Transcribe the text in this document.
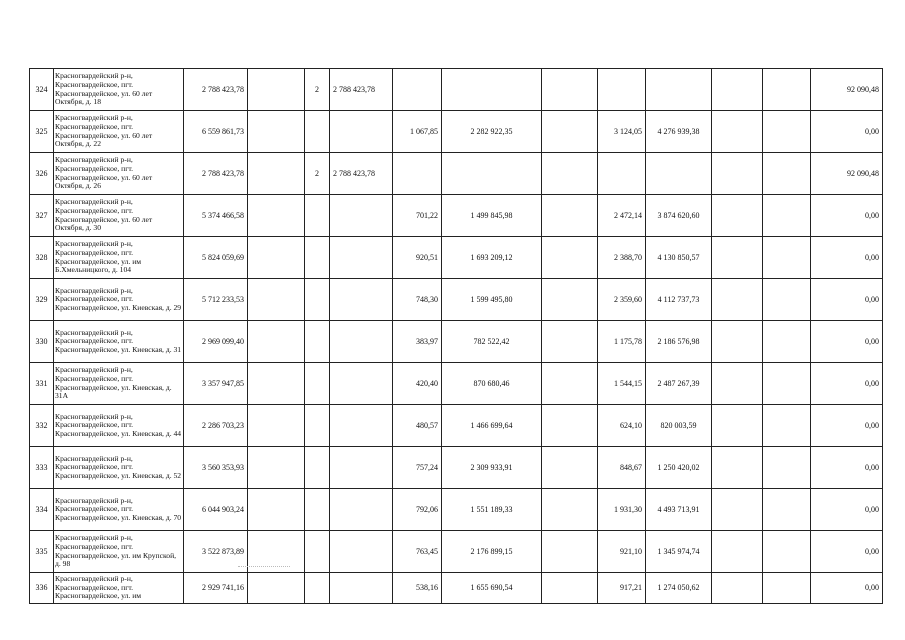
324	Красногвардейский р-н, Красногвардейское, пгт. Красногвардейское, ул. 60 лет Октября, д. 18	2 788 423,78		2	2 788 423,78								92 090,48
325	Красногвардейский р-н, Красногвардейское, пгт. Красногвардейское, ул. 60 лет Октября, д. 22	6 559 861,73				1 067,85	2 282 922,35		3 124,05	4 276 939,38			0,00
326	Красногвардейский р-н, Красногвардейское, пгт. Красногвардейское, ул. 60 лет Октября, д. 26	2 788 423,78		2	2 788 423,78								92 090,48
327	Красногвардейский р-н, Красногвардейское, пгт. Красногвардейское, ул. 60 лет Октября, д. 30	5 374 466,58				701,22	1 499 845,98		2 472,14	3 874 620,60			0,00
328	Красногвардейский р-н, Красногвардейское, пгт. Красногвардейское, ул. им Б.Хмельницкого, д. 104	5 824 059,69				920,51	1 693 209,12		2 388,70	4 130 850,57			0,00
329	Красногвардейский р-н, Красногвардейское, пгт. Красногвардейское, ул. Киевская, д. 29	5 712 233,53				748,30	1 599 495,80		2 359,60	4 112 737,73			0,00
330	Красногвардейский р-н, Красногвардейское, пгт. Красногвардейское, ул. Киевская, д. 31	2 969 099,40				383,97	782 522,42		1 175,78	2 186 576,98			0,00
331	Красногвардейский р-н, Красногвардейское, пгт. Красногвардейское, ул. Киевская, д. 31А	3 357 947,85				420,40	870 680,46		1 544,15	2 487 267,39			0,00
332	Красногвардейский р-н, Красногвардейское, пгт. Красногвардейское, ул. Киевская, д. 44	2 286 703,23				480,57	1 466 699,64		624,10	820 003,59			0,00
333	Красногвардейский р-н, Красногвардейское, пгт. Красногвардейское, ул. Киевская, д. 52	3 560 353,93				757,24	2 309 933,91		848,67	1 250 420,02			0,00
334	Красногвардейский р-н, Красногвардейское, пгт. Красногвардейское, ул. Киевская, д. 70	6 044 903,24				792,06	1 551 189,33		1 931,30	4 493 713,91			0,00
335	Красногвардейский р-н, Красногвардейское, пгт. Красногвардейское, ул. им Крупской, д. 98	3 522 873,89				763,45	2 176 899,15		921,10	1 345 974,74			0,00
336	Красногвардейский р-н, Красногвардейское, пгт. Красногвардейское, ул. им	2 929 741,16				538,16	1 655 690,54		917,21	1 274 050,62			0,00
